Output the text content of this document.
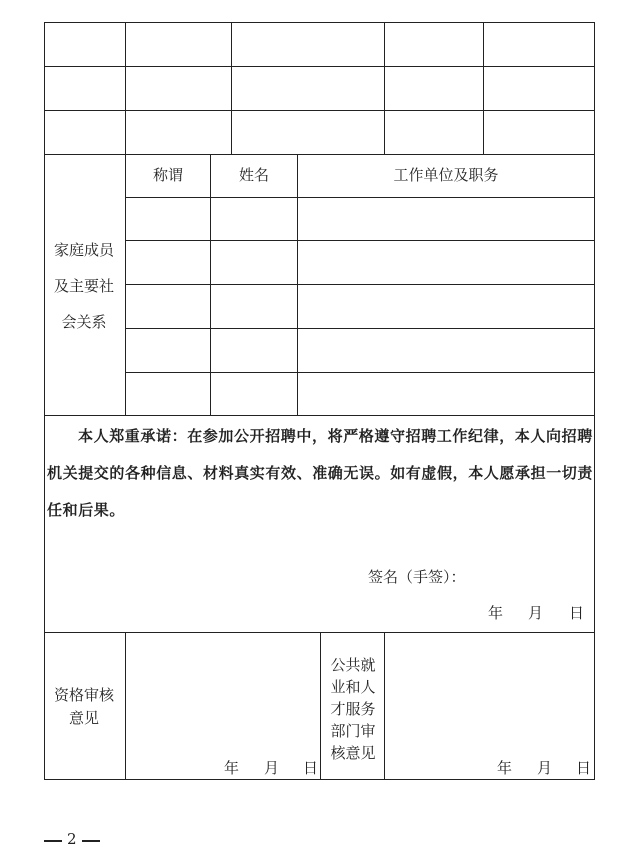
家庭成员
及主要社
会关系
称谓	姓名	工作单位及职务
本人郑重承诺：在参加公开招聘中，将严格遵守招聘工作纪律，本人向招聘机关提交的各种信息、材料真实有效、准确无误。如有虚假，本人愿承担一切责任和后果。
签名（手签）：
年 月 日
资格审核
意见
年 月 日
公共就
业和人
才服务
部门审
核意见
年 月 日
2
